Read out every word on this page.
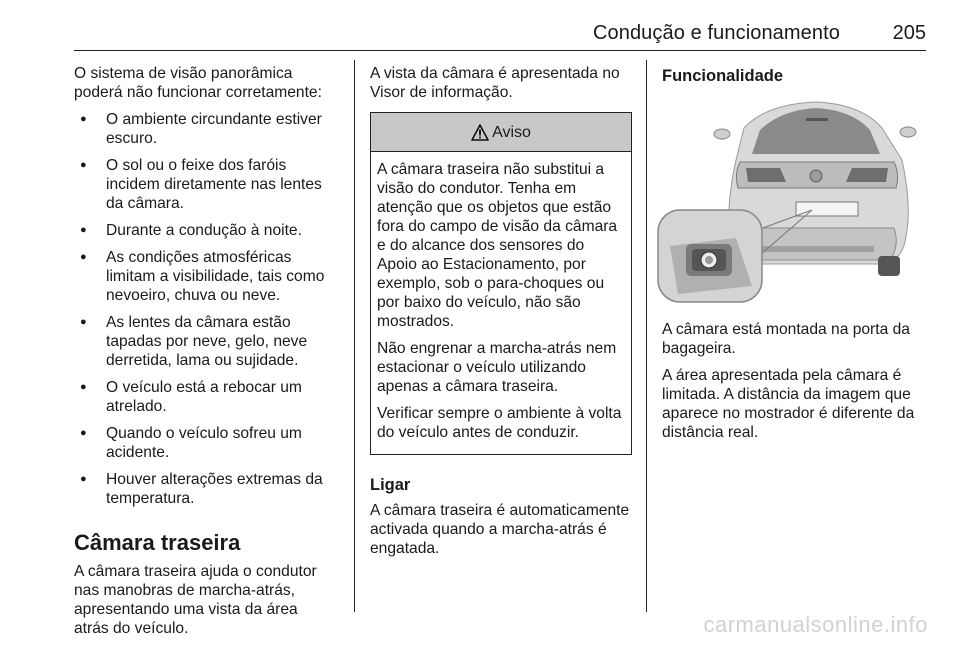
Condução e funcionamento	205

O sistema de visão panorâmica poderá não funcionar corretamente:

● O ambiente circundante estiver escuro.
● O sol ou o feixe dos faróis incidem diretamente nas lentes da câmara.
● Durante a condução à noite.
● As condições atmosféricas limitam a visibilidade, tais como nevoeiro, chuva ou neve.
● As lentes da câmara estão tapadas por neve, gelo, neve derretida, lama ou sujidade.
● O veículo está a rebocar um atrelado.
● Quando o veículo sofreu um acidente.
● Houver alterações extremas da temperatura.
Câmara traseira

A câmara traseira ajuda o condutor nas manobras de marcha-atrás, apresentando uma vista da área atrás do veículo.

A vista da câmara é apresentada no Visor de informação.

Aviso

A câmara traseira não substitui a visão do condutor. Tenha em atenção que os objetos que estão fora do campo de visão da câmara e do alcance dos sensores do Apoio ao Estacionamento, por exemplo, sob o para-choques ou por baixo do veículo, não são mostrados.

Não engrenar a marcha-atrás nem estacionar o veículo utilizando apenas a câmara traseira.

Verificar sempre o ambiente à volta do veículo antes de conduzir.

Ligar

A câmara traseira é automaticamente activada quando a marcha-atrás é engatada.

Funcionalidade

A câmara está montada na porta da bagageira.

A área apresentada pela câmara é limitada. A distância da imagem que aparece no mostrador é diferente da distância real.

carmanualsonline.info
